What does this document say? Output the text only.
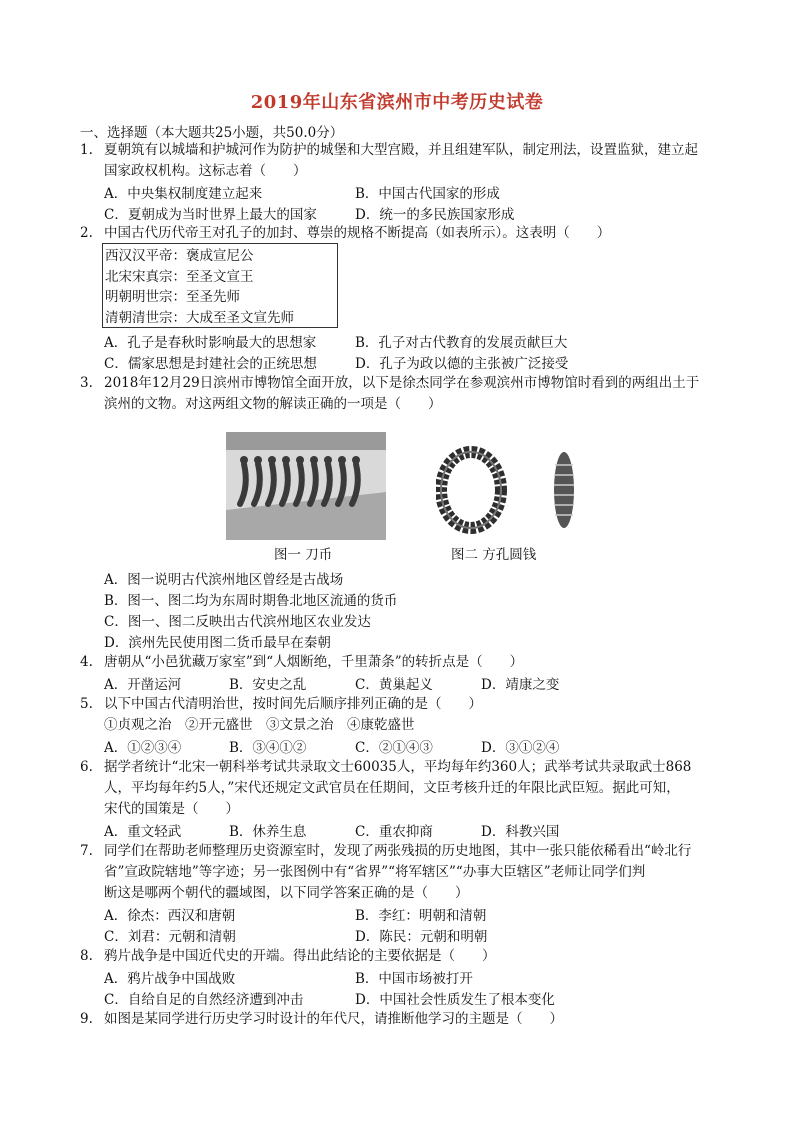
2019年山东省滨州市中考历史试卷
一、选择题（本大题共25小题，共50.0分）
1. 夏朝筑有以城墙和护城河作为防护的城堡和大型宫殿，并且组建军队，制定刑法，设置监狱，建立起
国家政权机构。这标志着（　　）
A．中央集权制度建立起来	B．中国古代国家的形成
C．夏朝成为当时世界上最大的国家	D．统一的多民族国家形成
2. 中国古代历代帝王对孔子的加封、尊崇的规格不断提高（如表所示）。这表明（　　）
西汉汉平帝：褒成宣尼公
北宋宋真宗：至圣文宣王
明朝明世宗：至圣先师
清朝清世宗：大成至圣文宣先师
A．孔子是春秋时影响最大的思想家	B．孔子对古代教育的发展贡献巨大
C．儒家思想是封建社会的正统思想	D．孔子为政以德的主张被广泛接受
3. 2018年12月29日滨州市博物馆全面开放，以下是徐杰同学在参观滨州市博物馆时看到的两组出土于
滨州的文物。对这两组文物的解读正确的一项是（　　）
图一 刀币	图二 方孔圆钱
A．图一说明古代滨州地区曾经是古战场
B．图一、图二均为东周时期鲁北地区流通的货币
C．图一、图二反映出古代滨州地区农业发达
D．滨州先民使用图二货币最早在秦朝
4. 唐朝从“小邑犹藏万家室”到“人烟断绝，千里萧条”的转折点是（　　）
A．开凿运河	B．安史之乱	C．黄巢起义	D．靖康之变
5. 以下中国古代清明治世，按时间先后顺序排列正确的是（　　）
①贞观之治　②开元盛世　③文景之治　④康乾盛世
A．①②③④	B．③④①②	C．②①④③	D．③①②④
6. 据学者统计“北宋一朝科举考试共录取文士60035人，平均每年约360人；武举考试共录取武士868
人，平均每年约5人，”宋代还规定文武官员在任期间，文臣考核升迁的年限比武臣短。据此可知，
宋代的国策是（　　）
A．重文轻武	B．休养生息	C．重农抑商	D．科教兴国
7. 同学们在帮助老师整理历史资源室时，发现了两张残损的历史地图，其中一张只能依稀看出“岭北行
省”宣政院辖地”等字迹；另一张图例中有“省界”“将军辖区”“办事大臣辖区”老师让同学们判
断这是哪两个朝代的疆域图，以下同学答案正确的是（　　）
A．徐杰：西汉和唐朝	B．李红：明朝和清朝
C．刘君：元朝和清朝	D．陈民：元朝和明朝
8. 鸦片战争是中国近代史的开端。得出此结论的主要依据是（　　）
A．鸦片战争中国战败	B．中国市场被打开
C．自给自足的自然经济遭到冲击	D．中国社会性质发生了根本变化
9. 如图是某同学进行历史学习时设计的年代尺，请推断他学习的主题是（　　）
